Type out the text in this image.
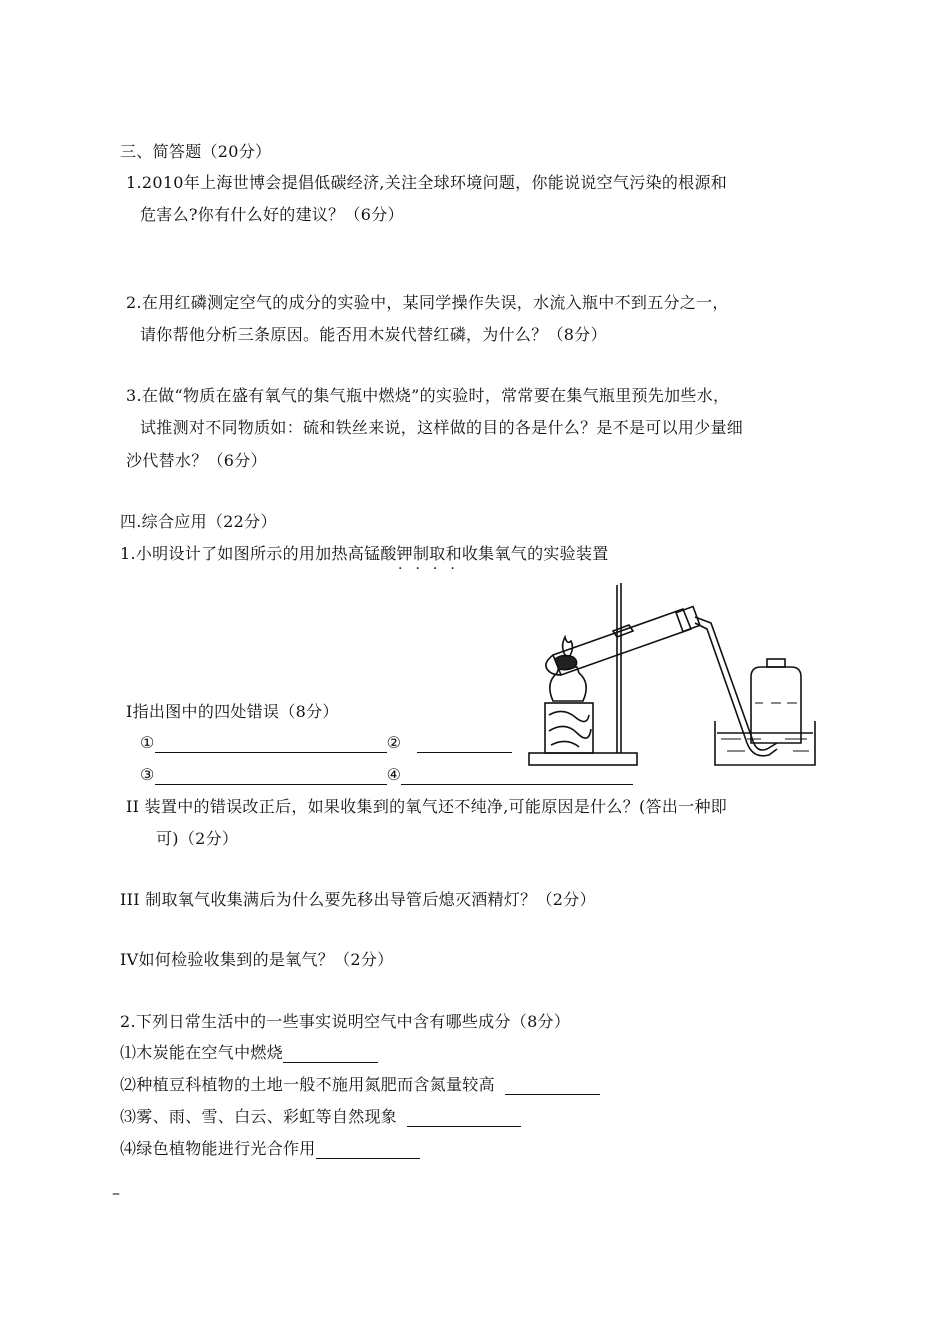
三、简答题（20分）
1.2010年上海世博会提倡低碳经济,关注全球环境问题，你能说说空气污染的根源和
危害么?你有什么好的建议？（6分）
2.在用红磷测定空气的成分的实验中，某同学操作失误，水流入瓶中不到五分之一，
请你帮他分析三条原因。能否用木炭代替红磷，为什么？（8分）
3.在做“物质在盛有氧气的集气瓶中燃烧”的实验时，常常要在集气瓶里预先加些水，
试推测对不同物质如：硫和铁丝来说，这样做的目的各是什么？是不是可以用少量细
沙代替水？（6分）
四.综合应用（22分）
1.小明设计了如图所示的用加热高锰酸钾制取和收集氧气的实验装置
····
I指出图中的四处错误（8分）
①	②
③	④
II 装置中的错误改正后，如果收集到的氧气还不纯净,可能原因是什么？(答出一种即
可)（2分）
III 制取氧气收集满后为什么要先移出导管后熄灭酒精灯？（2分）
IV如何检验收集到的是氧气？（2分）
2.下列日常生活中的一些事实说明空气中含有哪些成分（8分）
⑴木炭能在空气中燃烧
⑵种植豆科植物的土地一般不施用氮肥而含氮量较高
⑶雾、雨、雪、白云、彩虹等自然现象
⑷绿色植物能进行光合作用
–
